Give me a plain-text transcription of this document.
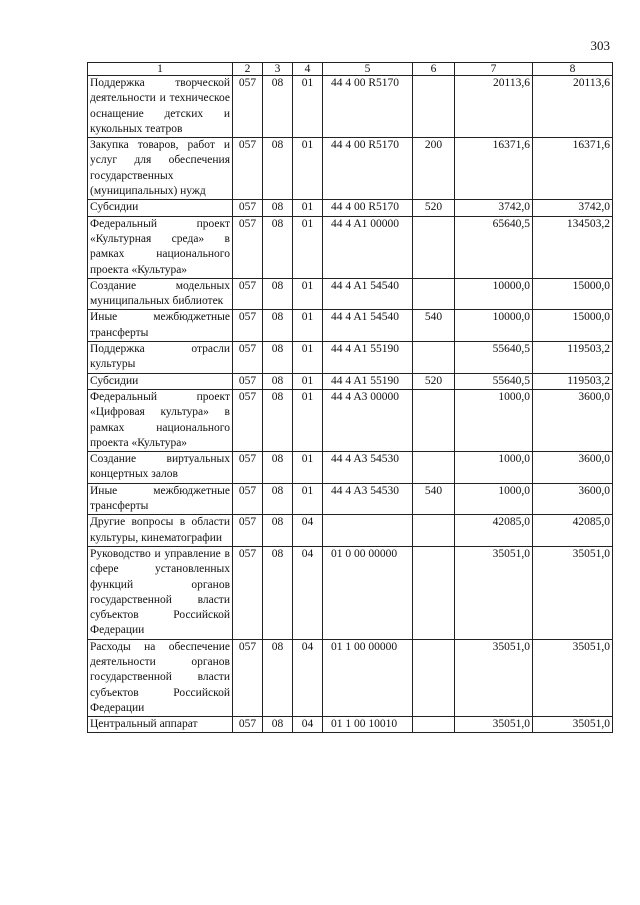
303
1	2	3	4	5	6	7	8
Поддержка творческой деятельности и техническое оснащение детских и кукольных театров	057	08	01	44 4 00 R5170		20113,6	20113,6
Закупка товаров, работ и услуг для обеспечения государственных (муниципальных) нужд	057	08	01	44 4 00 R5170	200	16371,6	16371,6
Субсидии	057	08	01	44 4 00 R5170	520	3742,0	3742,0
Федеральный проект «Культурная среда» в рамках национального проекта «Культура»	057	08	01	44 4 A1 00000		65640,5	134503,2
Создание модельных муниципальных библиотек	057	08	01	44 4 A1 54540		10000,0	15000,0
Иные межбюджетные трансферты	057	08	01	44 4 A1 54540	540	10000,0	15000,0
Поддержка отрасли культуры	057	08	01	44 4 A1 55190		55640,5	119503,2
Субсидии	057	08	01	44 4 A1 55190	520	55640,5	119503,2
Федеральный проект «Цифровая культура» в рамках национального проекта «Культура»	057	08	01	44 4 A3 00000		1000,0	3600,0
Создание виртуальных концертных залов	057	08	01	44 4 A3 54530		1000,0	3600,0
Иные межбюджетные трансферты	057	08	01	44 4 A3 54530	540	1000,0	3600,0
Другие вопросы в области культуры, кинематографии	057	08	04			42085,0	42085,0
Руководство и управление в сфере установленных функций органов государственной власти субъектов Российской Федерации	057	08	04	01 0 00 00000		35051,0	35051,0
Расходы на обеспечение деятельности органов государственной власти субъектов Российской Федерации	057	08	04	01 1 00 00000		35051,0	35051,0
Центральный аппарат	057	08	04	01 1 00 10010		35051,0	35051,0
